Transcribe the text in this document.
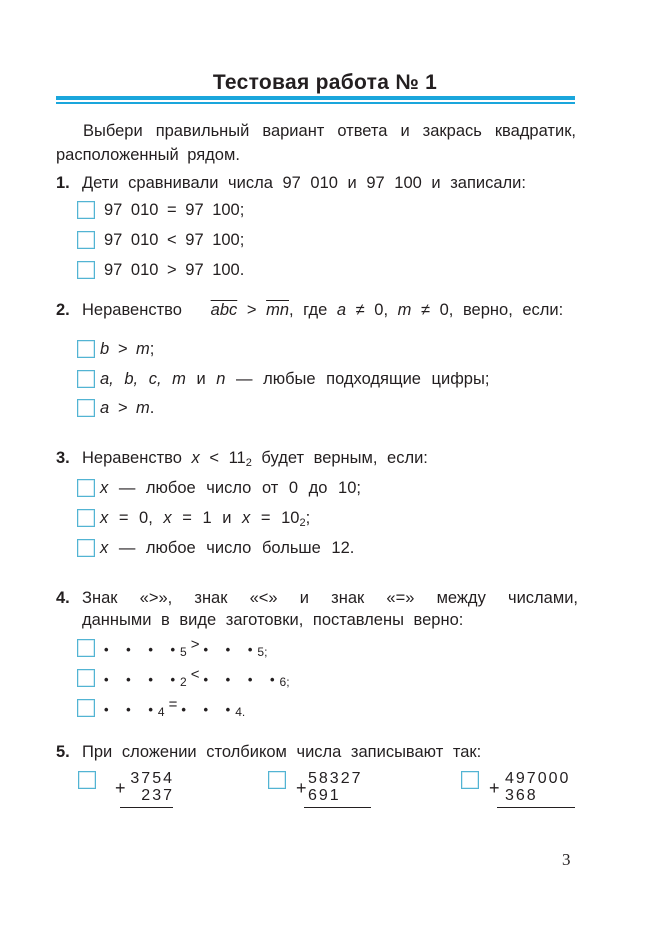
Тестовая работа № 1
Выбери правильный вариант ответа и закрась квадратик, расположенный рядом.
1. Дети сравнивали числа 97 010 и 97 100 и записали:
97 010 = 97 100;
97 010 < 97 100;
97 010 > 97 100.
2. Неравенство $\overline{abc} > \overline{mn}$, где a ≠ 0, m ≠ 0, верно, если:
b > m;
a, b, c, m и n — любые подходящие цифры;
a > m.
3. Неравенство $x < 11_2$ будет верным, если:
x — любое число от 0 до 10;
x = 0, x = 1 и $x = 10_2$;
x — любое число больше 12.
4. Знак «>», знак «<» и знак «=» между числами,
данными в виде заготовки, поставлены верно:
• • • •5 > • • •5;
• • • •2 < • • • •6;
• • •4 = • • •4.
5. При сложении столбиком числа записывают так:
+ 3754
237	+ 58327
691	+ 497000
368
3
